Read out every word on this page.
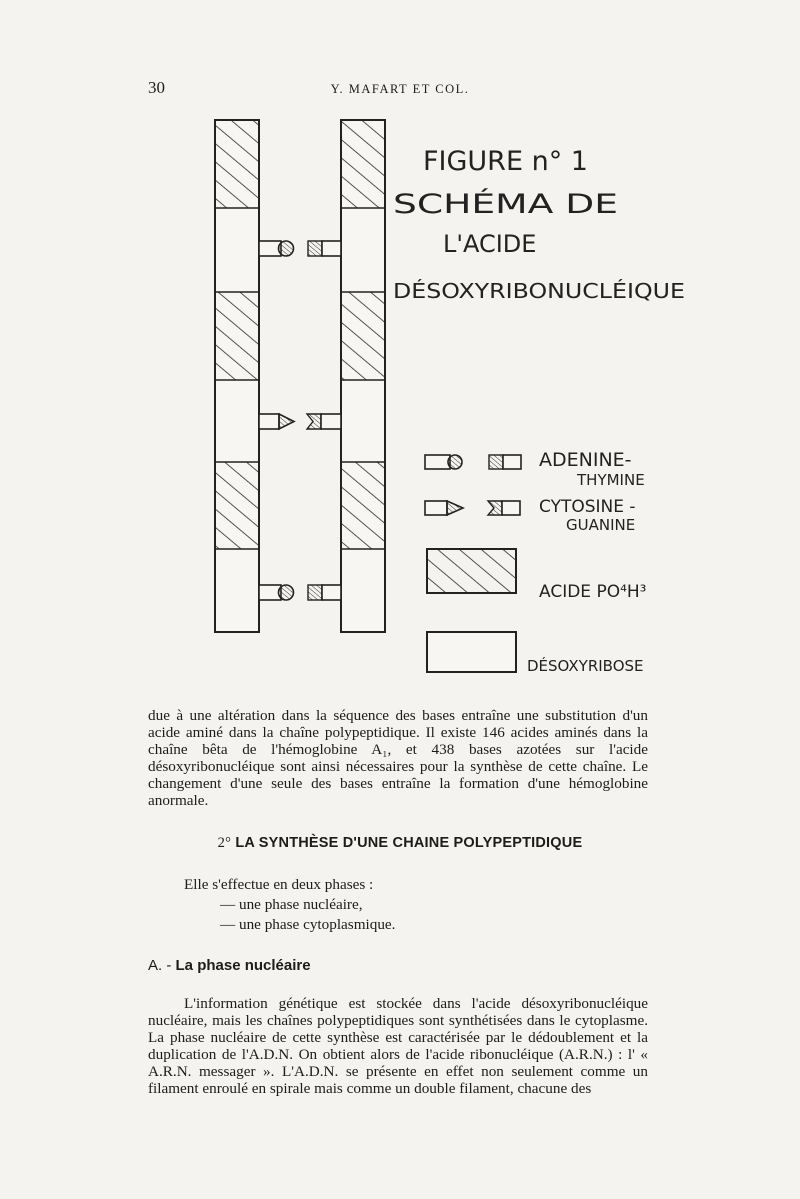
30	Y. MAFART ET COL.
FIGURE n° 1
SCHÉMA DE
L'ACIDE
DÉSOXYRIBONUCLÉIQUE
ADENINE-
THYMINE
CYTOSINE -
GUANINE
ACIDE PO⁴H³
DÉSOXYRIBOSE

due à une altération dans la séquence des bases entraîne une substitution d'un acide aminé dans la chaîne polypeptidique. Il existe 146 acides aminés dans la chaîne bêta de l'hémoglobine A₁, et 438 bases azotées sur l'acide désoxyribonucléique sont ainsi nécessaires pour la synthèse de cette chaîne. Le changement d'une seule des bases entraîne la formation d'une hémoglobine anormale.

2° LA SYNTHÈSE D'UNE CHAINE POLYPEPTIDIQUE
Elle s'effectue en deux phases :
— une phase nucléaire,
— une phase cytoplasmique.
A. - La phase nucléaire

L'information génétique est stockée dans l'acide désoxyribonucléique nucléaire, mais les chaînes polypeptidiques sont synthétisées dans le cytoplasme. La phase nucléaire de cette synthèse est caractérisée par le dédoublement et la duplication de l'A.D.N. On obtient alors de l'acide ribonucléique (A.R.N.) : l' « A.R.N. messager ». L'A.D.N. se présente en effet non seulement comme un filament enroulé en spirale mais comme un double filament, chacune des
